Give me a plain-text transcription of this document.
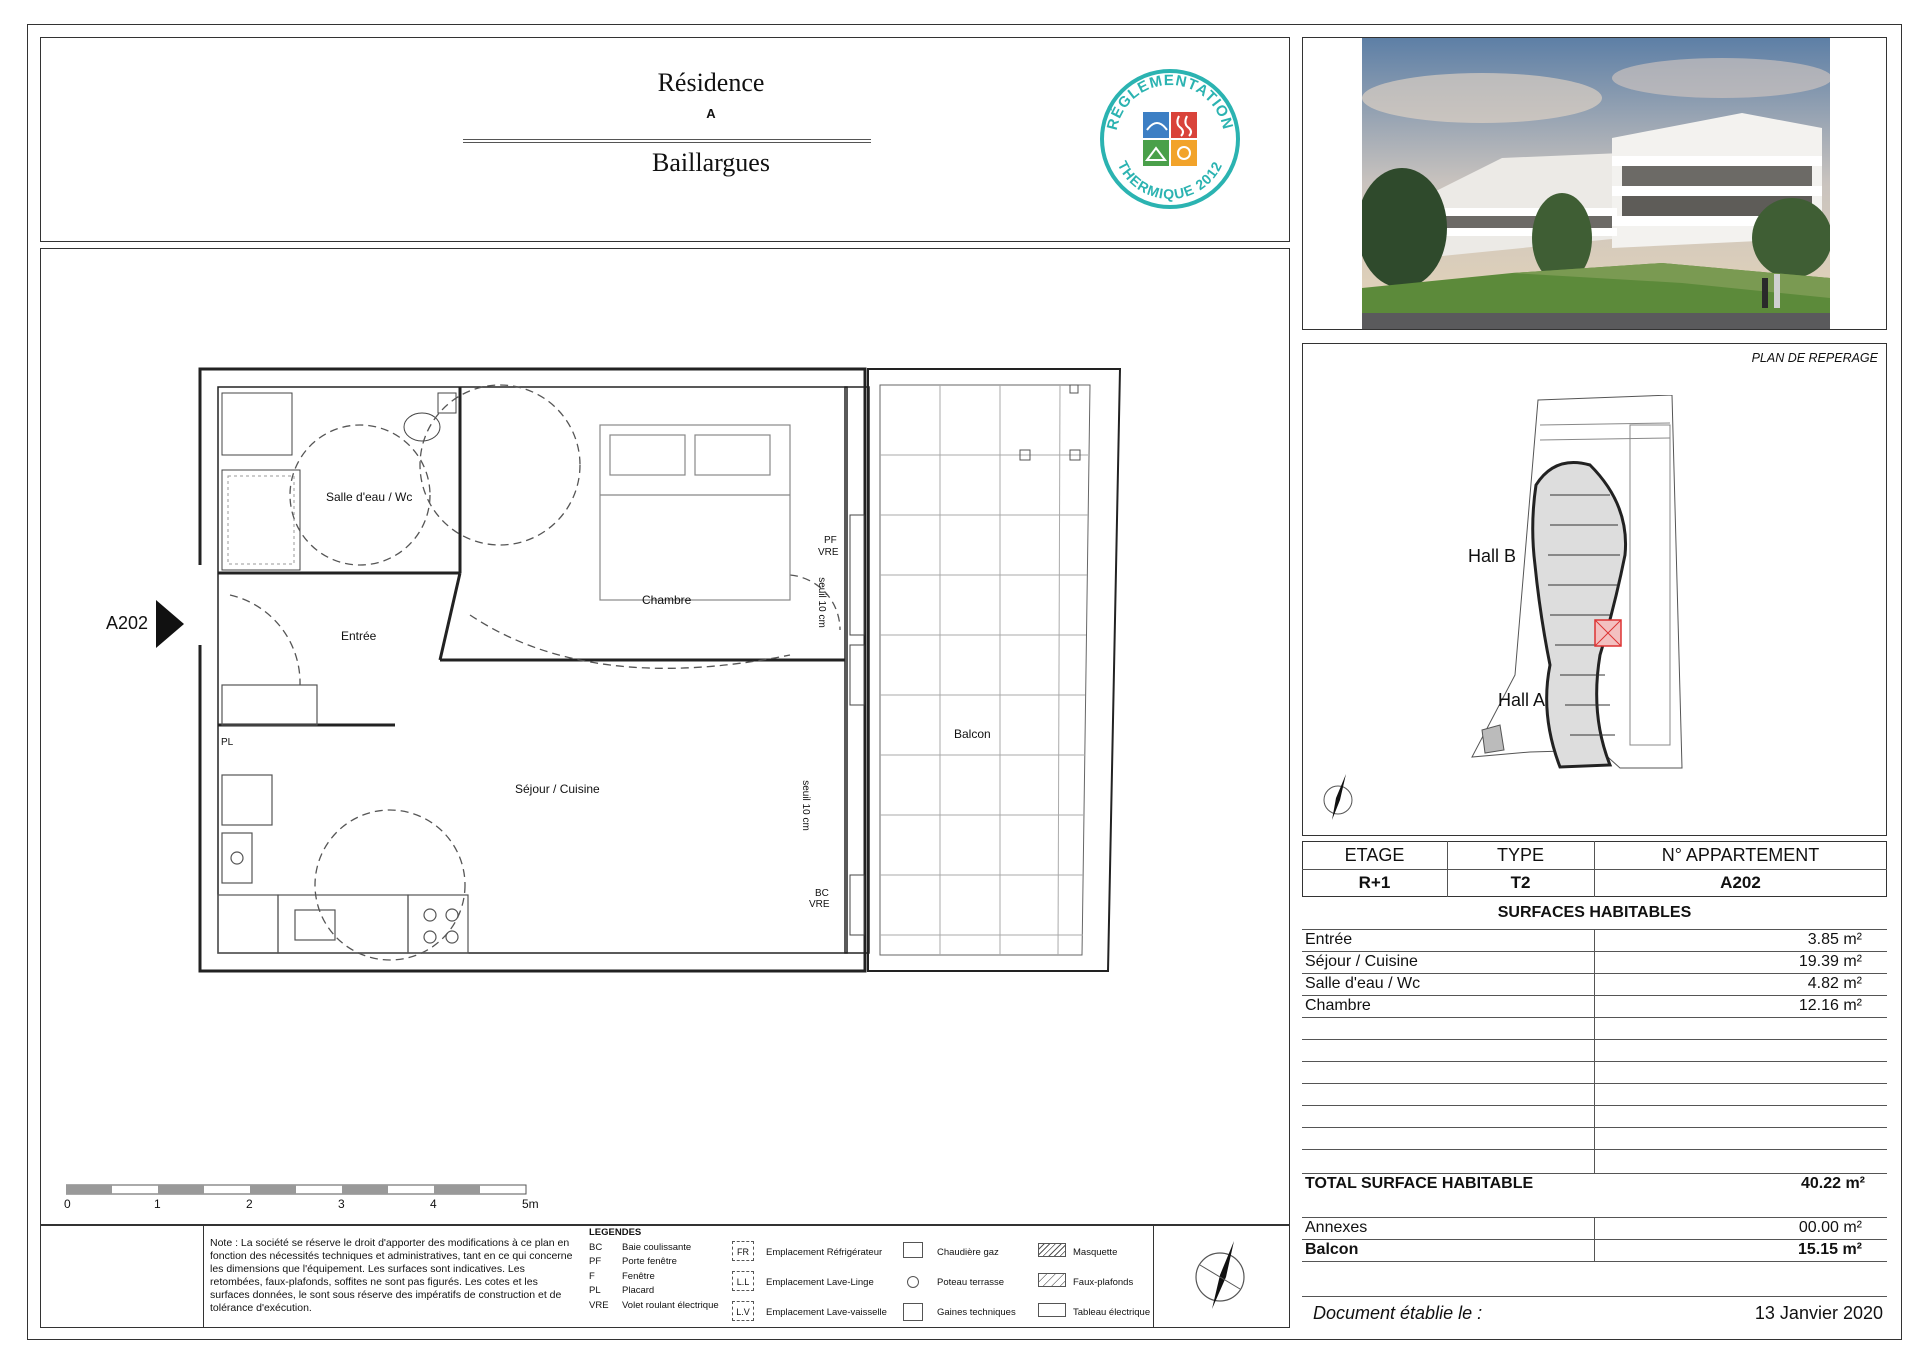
Résidence
A
Baillargues
RÉGLEMENTATION
THERMIQUE 2012
Salle d'eau / Wc
Entrée
Chambre
Séjour / Cuisine
Balcon
PF
VRE
seuil 10 cm
seuil 10 cm
BC
VRE
PL
A202
0	1	2	3	4	5m
Note : La société se réserve le droit d'apporter des modifications à ce plan en fonction des nécessités techniques et administratives, tant en ce qui concerne les dimensions que l'équipement. Les surfaces sont indicatives. Les retombées, faux-plafonds, soffites ne sont pas figurés. Les cotes et les surfaces données, le sont sous réserve des impératifs de construction et de tolérance d'exécution.
LEGENDES
BC Baie coulissante
PF Porte fenêtre
F	Fenêtre
PL Placard
VRE Volet roulant électrique
FR	Emplacement Réfrigérateur
L.L	Emplacement Lave-Linge
L.V	Emplacement Lave-vaisselle
Chaudière gaz
Poteau terrasse
Gaines techniques
Masquette
Faux-plafonds
Tableau électrique
PLAN DE REPERAGE
Hall B
Hall A
ETAGE	TYPE	N° APPARTEMENT
R+1	T2	A202
SURFACES HABITABLES
Entrée	3.85 m²
Séjour / Cuisine	19.39 m²
Salle d'eau / Wc	4.82 m²
Chambre	12.16 m²
TOTAL SURFACE HABITABLE	40.22 m²
Annexes	00.00 m²
Balcon	15.15 m²
Document établie le :	13 Janvier 2020
